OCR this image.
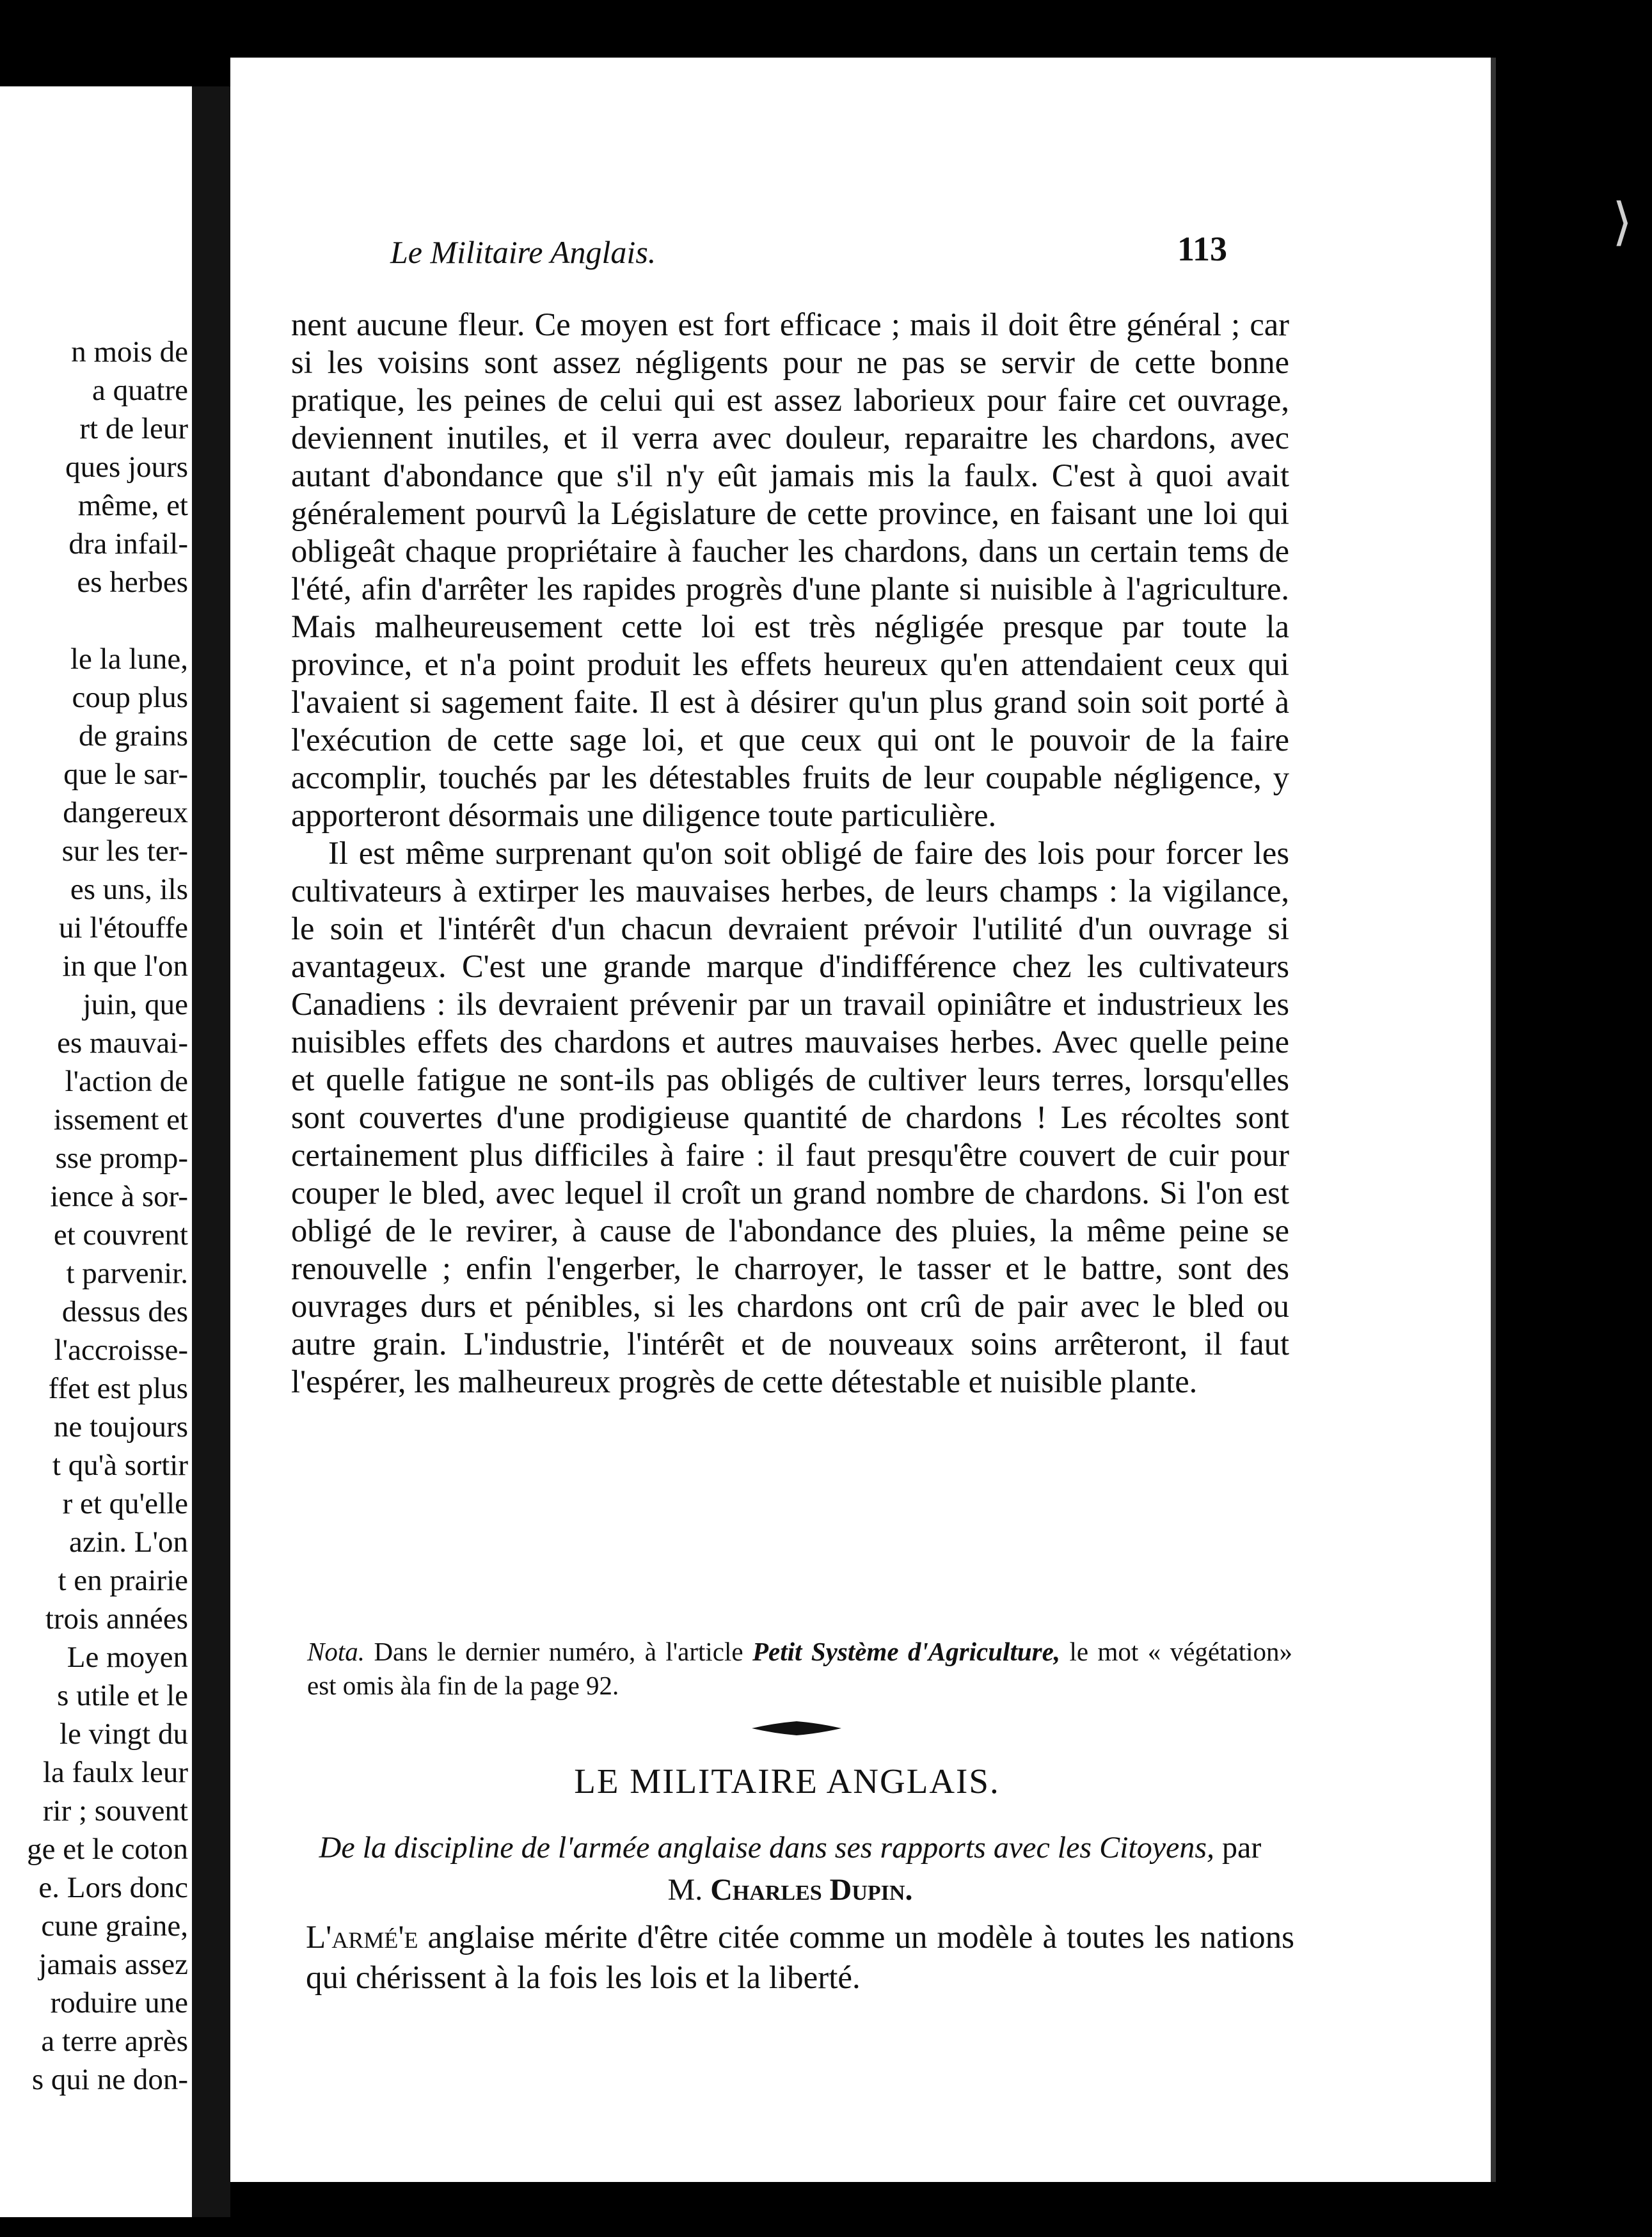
n mois de
a quatre
rt de leur
ques jours
même, et
dra infail-
es herbes
le la lune,
coup plus
de grains
que le sar-
dangereux
sur les ter-
es uns, ils
ui l'étouffe
in que l'on
juin, que
es mauvai-
l'action de
issement et
sse promp-
ience à sor-
et couvrent
t parvenir.
dessus des
l'accroisse-
ffet est plus
ne toujours
t qu'à sortir
r et qu'elle
azin. L'on
t en prairie
trois années
Le moyen
s utile et le
le vingt du
la faulx leur
rir ; souvent
ge et le coton
e. Lors donc
cune graine,
jamais assez
roduire une
a terre après
s qui ne don-
⟩
Le Militaire Anglais.	113

nent aucune fleur. Ce moyen est fort efficace ; mais il doit être général ; car si les voisins sont assez négligents pour ne pas se servir de cette bonne pratique, les peines de celui qui est assez laborieux pour faire cet ouvrage, deviennent inutiles, et il verra avec douleur, reparaitre les chardons, avec autant d'abondance que s'il n'y eût jamais mis la faulx. C'est à quoi avait généralement pourvû la Législature de cette province, en faisant une loi qui obligeât chaque propriétaire à faucher les chardons, dans un certain tems de l'été, afin d'arrêter les rapides progrès d'une plante si nuisible à l'agriculture. Mais malheureusement cette loi est très négligée presque par toute la province, et n'a point produit les effets heureux qu'en attendaient ceux qui l'avaient si sagement faite. Il est à désirer qu'un plus grand soin soit porté à l'exécution de cette sage loi, et que ceux qui ont le pouvoir de la faire accomplir, touchés par les détestables fruits de leur coupable négligence, y apporteront désormais une diligence toute particulière.

Il est même surprenant qu'on soit obligé de faire des lois pour forcer les cultivateurs à extirper les mauvaises herbes, de leurs champs : la vigilance, le soin et l'intérêt d'un chacun devraient prévoir l'utilité d'un ouvrage si avantageux. C'est une grande marque d'indifférence chez les cultivateurs Canadiens : ils devraient prévenir par un travail opiniâtre et industrieux les nuisibles effets des chardons et autres mauvaises herbes. Avec quelle peine et quelle fatigue ne sont-ils pas obligés de cultiver leurs terres, lorsqu'elles sont couvertes d'une prodigieuse quantité de chardons ! Les récoltes sont certainement plus difficiles à faire : il faut presqu'être couvert de cuir pour couper le bled, avec lequel il croît un grand nombre de chardons. Si l'on est obligé de le revirer, à cause de l'abondance des pluies, la même peine se renouvelle ; enfin l'engerber, le charroyer, le tasser et le battre, sont des ouvrages durs et pénibles, si les chardons ont crû de pair avec le bled ou autre grain. L'industrie, l'intérêt et de nouveaux soins arrêteront, il faut l'espérer, les malheureux progrès de cette détestable et nuisible plante.

Nota. Dans le dernier numéro, à l'article Petit Système d'Agriculture, le mot « végétation» est omis àla fin de la page 92.
LE MILITAIRE ANGLAIS.
De la discipline de l'armée anglaise dans ses rapports avec les Citoyens, par M. Charles Dupin.
L'armé'e anglaise mérite d'être citée comme un modèle à toutes les nations qui chérissent à la fois les lois et la liberté.
